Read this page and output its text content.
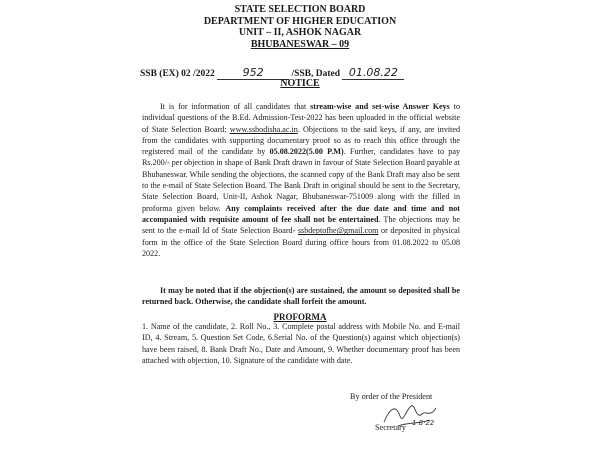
STATE SELECTION BOARD
DEPARTMENT OF HIGHER EDUCATION
UNIT – II, ASHOK NAGAR
BHUBANESWAR – 09
SSB (EX) 02 /2022	952	/SSB, Dated 01.08.22
NOTICE
It is for information of all candidates that stream-wise and set-wise Answer Keys to individual questions of the B.Ed. Admission-Test-2022 has been uploaded in the official website of State Selection Board: www.ssbodisha.ac.in. Objections to the said keys, if any, are invited from the candidates with supporting documentary proof so as to reach this office through the registered mail of the candidate by 05.08.2022(5.00 P.M). Further, candidates have to pay Rs.200/- per objection in shape of Bank Draft drawn in favour of State Selection Board payable at Bhubaneswar. While sending the objections, the scanned copy of the Bank Draft may also be sent to the e-mail of State Selection Board. The Bank Draft in original should be sent to the Secretary, State Selection Board, Unit-II, Ashok Nagar, Bhubaneswar-751009 along with the filled in proforma given below. Any complaints received after the due date and time and not accompanied with requisite amount of fee shall not be entertained. The objections may be sent to the e-mail Id of State Selection Board- ssbdeptofhe@gmail.com or deposited in physical form in the office of the State Selection Board during office hours from 01.08.2022 to 05.08 2022.
It may be noted that if the objection(s) are sustained, the amount so deposited shall be returned back. Otherwise, the candidate shall forfeit the amount.
PROFORMA
1. Name of the candidate, 2. Roll No., 3. Complete postal address with Mobile No. and E-mail ID, 4. Stream, 5. Question Set Code, 6.Serial No. of the Question(s) against which objection(s) have been raised, 8. Bank Draft No., Date and Amount, 9. Whether documentary proof has been attached with objection, 10. Signature of the candidate with date.
By order of the President
Secretary 1·8·22
